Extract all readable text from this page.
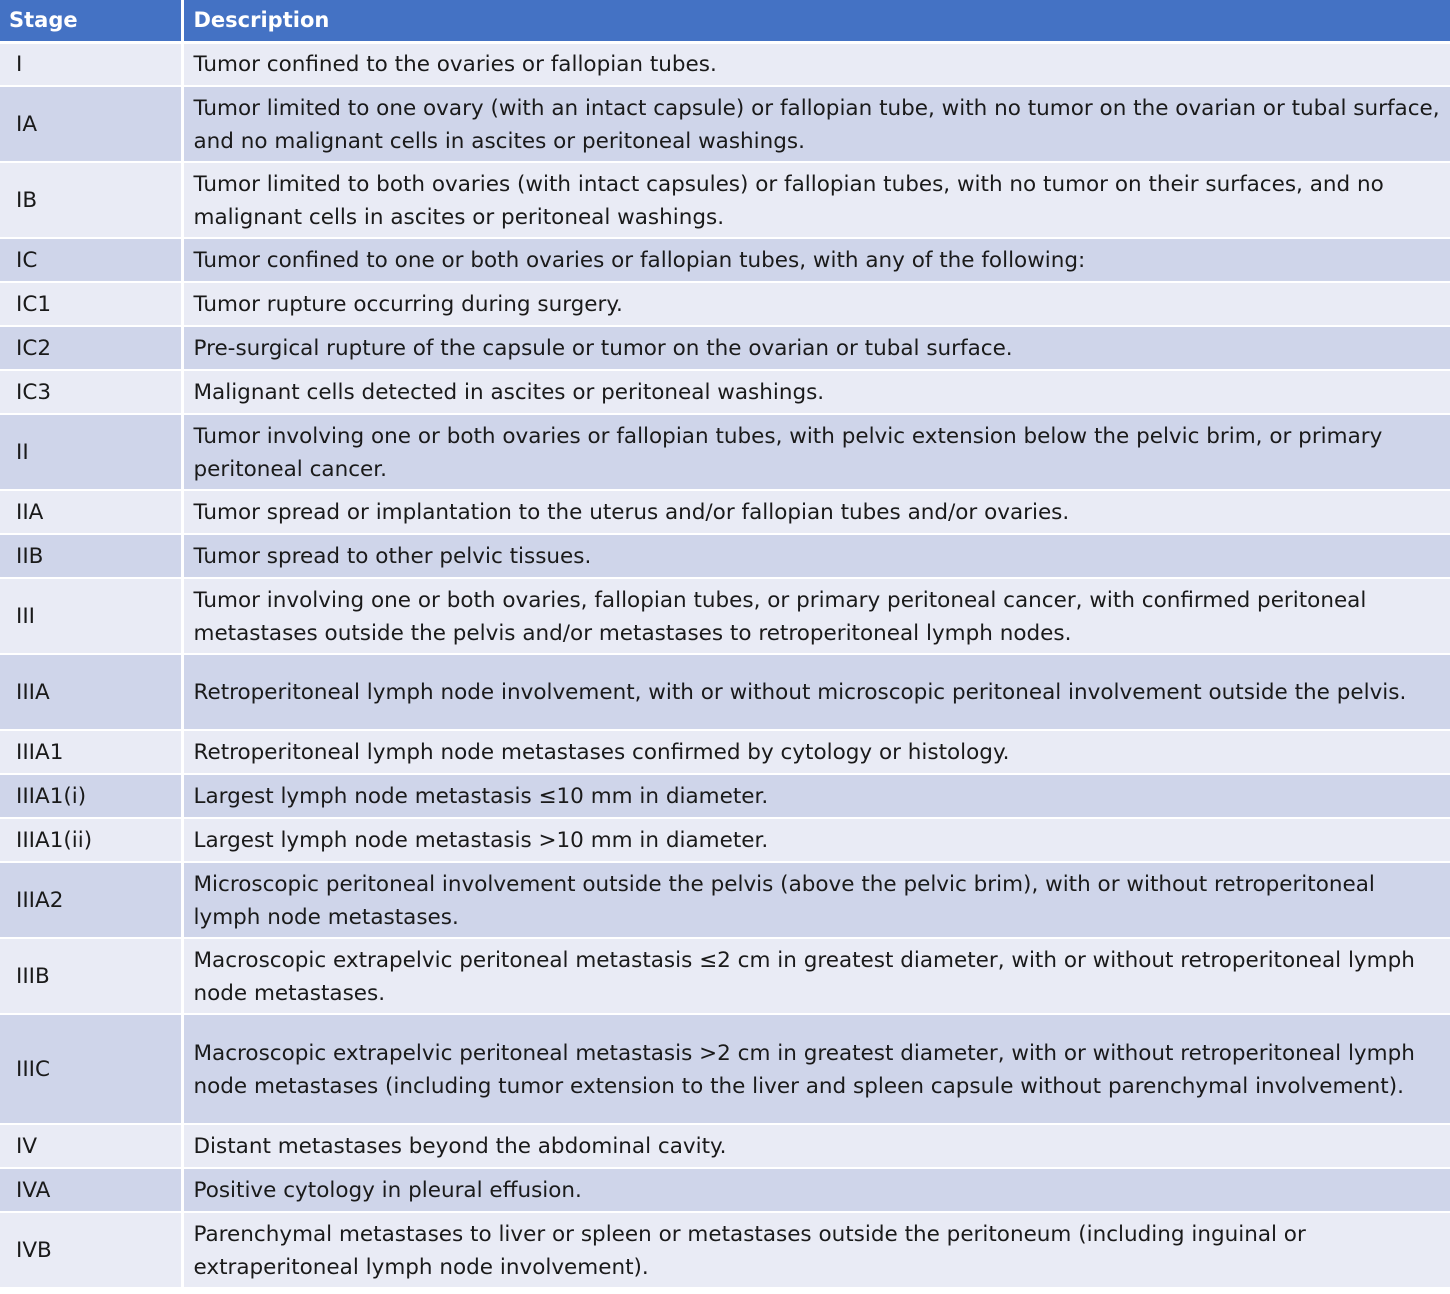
Stage	Description
I	Tumor confined to the ovaries or fallopian tubes.
IA	Tumor limited to one ovary (with an intact capsule) or fallopian tube, with no tumor on the ovarian or tubal surface, and no malignant cells in ascites or peritoneal washings.
IB	Tumor limited to both ovaries (with intact capsules) or fallopian tubes, with no tumor on their surfaces, and no malignant cells in ascites or peritoneal washings.
IC	Tumor confined to one or both ovaries or fallopian tubes, with any of the following:
IC1	Tumor rupture occurring during surgery.
IC2	Pre-surgical rupture of the capsule or tumor on the ovarian or tubal surface.
IC3	Malignant cells detected in ascites or peritoneal washings.
II	Tumor involving one or both ovaries or fallopian tubes, with pelvic extension below the pelvic brim, or primary peritoneal cancer.
IIA	Tumor spread or implantation to the uterus and/or fallopian tubes and/or ovaries.
IIB	Tumor spread to other pelvic tissues.
III	Tumor involving one or both ovaries, fallopian tubes, or primary peritoneal cancer, with confirmed peritoneal metastases outside the pelvis and/or metastases to retroperitoneal lymph nodes.
IIIA	Retroperitoneal lymph node involvement, with or without microscopic peritoneal involvement outside the pelvis.
IIIA1	Retroperitoneal lymph node metastases confirmed by cytology or histology.
IIIA1(i)	Largest lymph node metastasis ≤10 mm in diameter.
IIIA1(ii)	Largest lymph node metastasis >10 mm in diameter.
IIIA2	Microscopic peritoneal involvement outside the pelvis (above the pelvic brim), with or without retroperitoneal lymph node metastases.
IIIB	Macroscopic extrapelvic peritoneal metastasis ≤2 cm in greatest diameter, with or without retroperitoneal lymph node metastases.
IIIC	Macroscopic extrapelvic peritoneal metastasis >2 cm in greatest diameter, with or without retroperitoneal lymph node metastases (including tumor extension to the liver and spleen capsule without parenchymal involvement).
IV	Distant metastases beyond the abdominal cavity.
IVA	Positive cytology in pleural effusion.
IVB	Parenchymal metastases to liver or spleen or metastases outside the peritoneum (including inguinal or extraperitoneal lymph node involvement).
